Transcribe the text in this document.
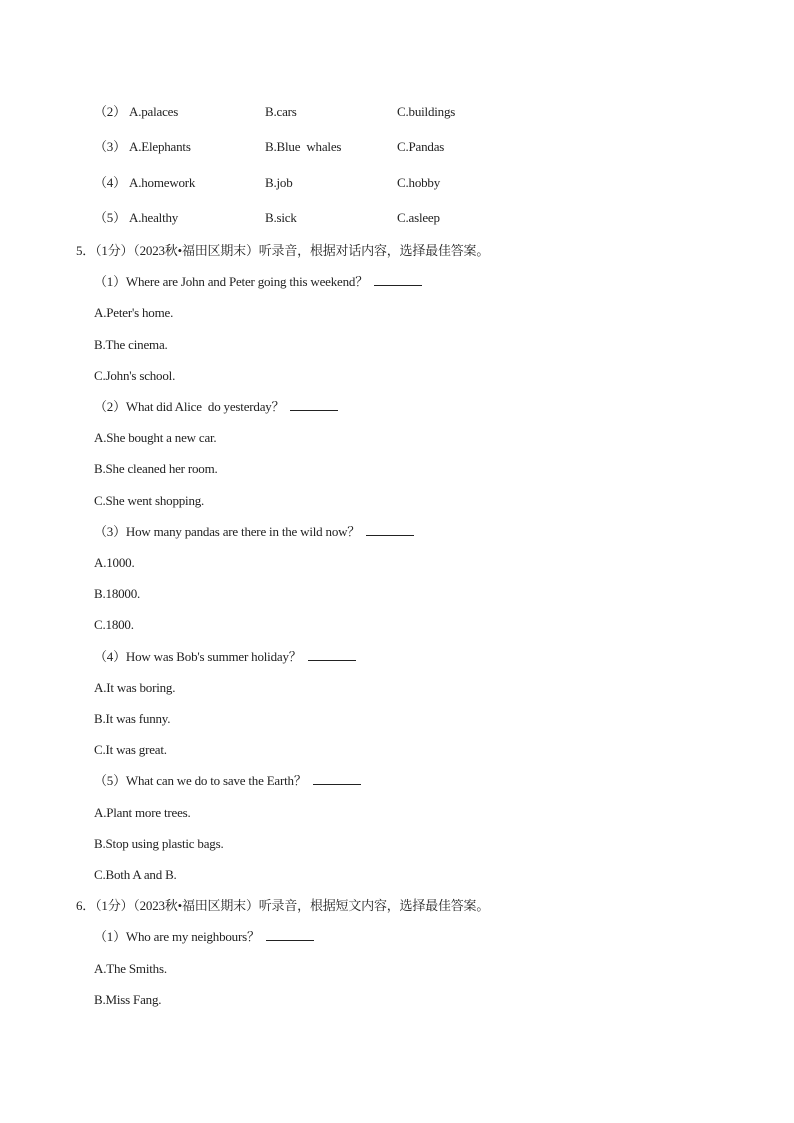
（2） A.palaces	B.cars	C.buildings
（3） A.Elephants	B.Blue  whales	C.Pandas
（4） A.homework	B.job	C.hobby
（5） A.healthy	B.sick	C.asleep
5．（1分）（2023秋•福田区期末）听录音，根据对话内容，选择最佳答案。
（1）Where are John and Peter going this weekend？
A.Peter's home.
B.The cinema.
C.John's school.
（2）What did Alice  do yesterday？
A.She bought a new car.
B.She cleaned her room.
C.She went shopping.
（3）How many pandas are there in the wild now？
A.1000.
B.18000.
C.1800.
（4）How was Bob's summer holiday？
A.It was boring.
B.It was funny.
C.It was great.
（5）What can we do to save the Earth？
A.Plant more trees.
B.Stop using plastic bags.
C.Both A and B.
6．（1分）（2023秋•福田区期末）听录音，根据短文内容，选择最佳答案。
（1）Who are my neighbours？
A.The Smiths.
B.Miss Fang.
